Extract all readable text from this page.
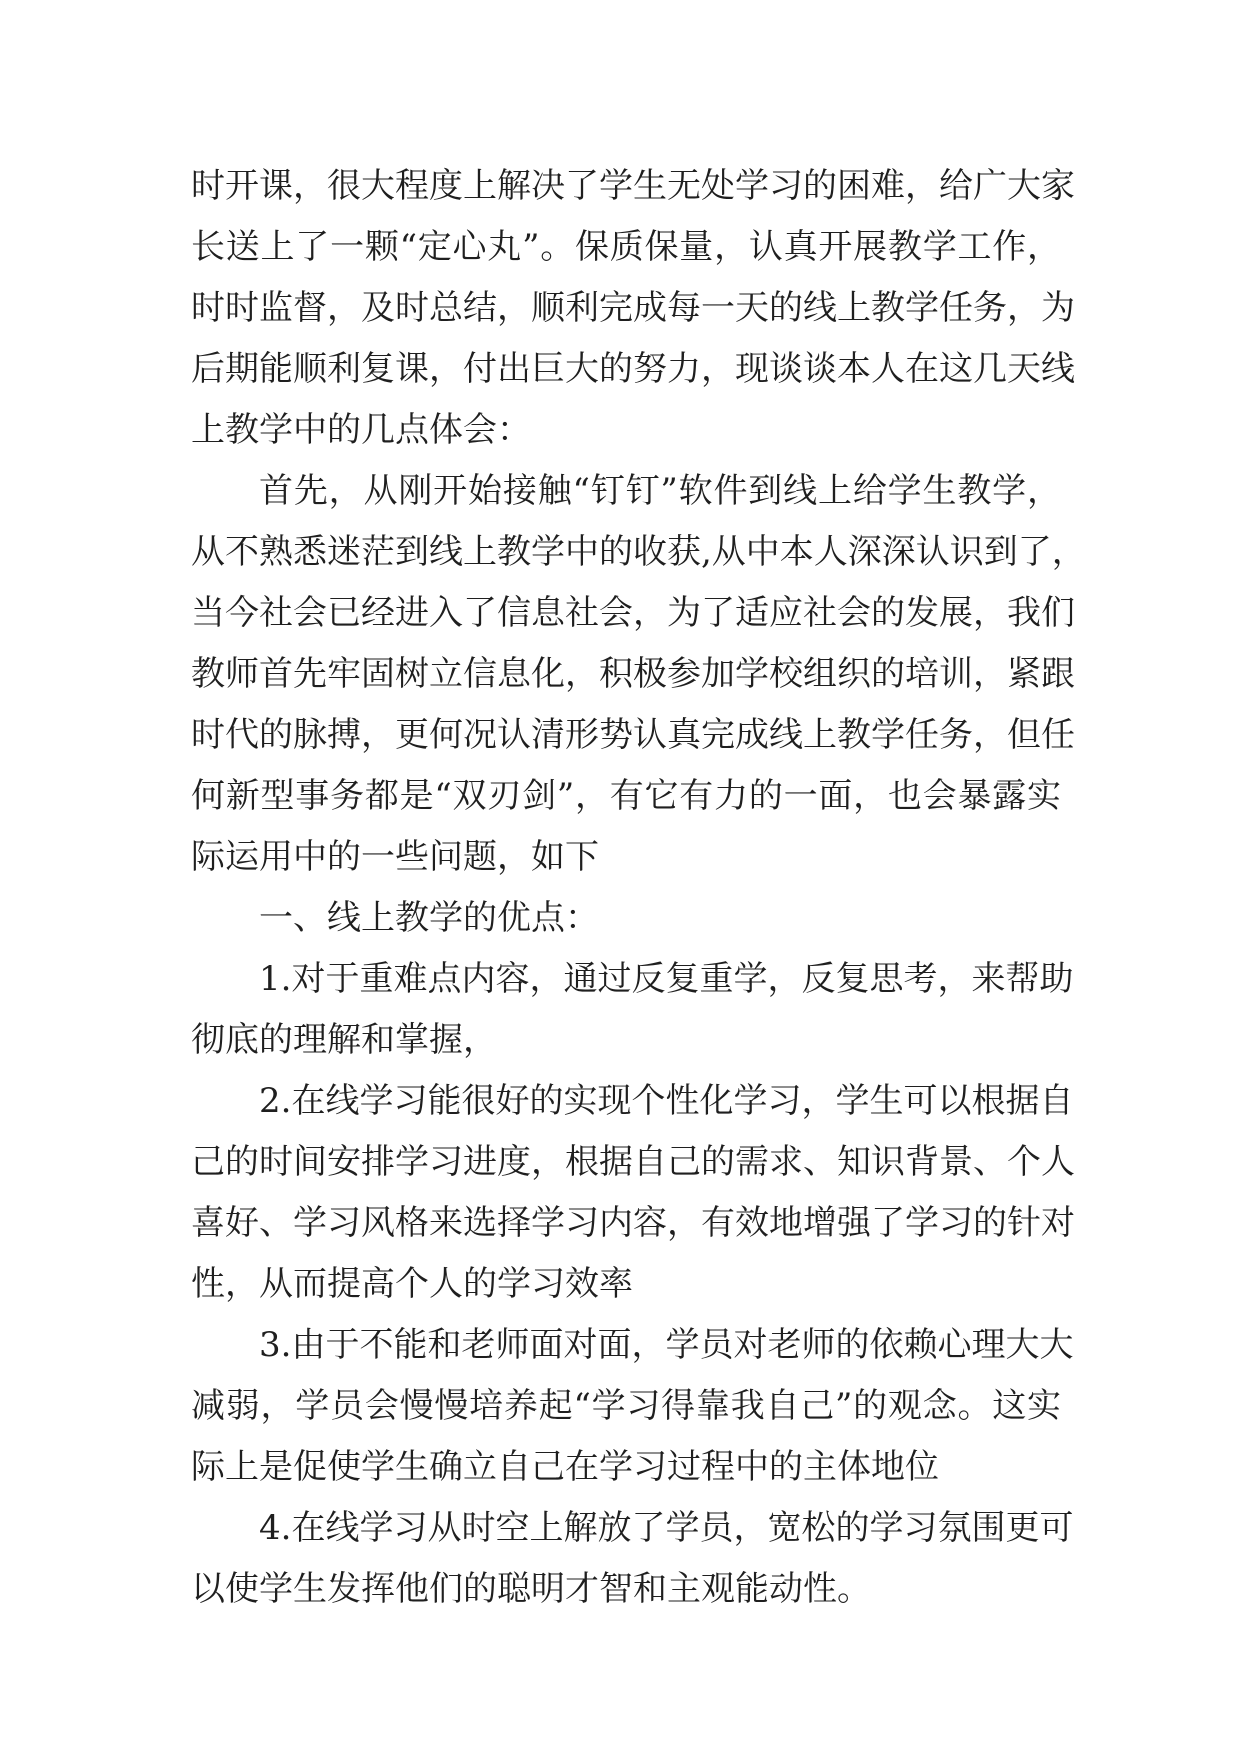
时开课，很大程度上解决了学生无处学习的困难，给广大家
长送上了一颗“定心丸”。保质保量，认真开展教学工作，
时时监督，及时总结，顺利完成每一天的线上教学任务，为
后期能顺利复课，付出巨大的努力，现谈谈本人在这几天线
上教学中的几点体会：
首先，从刚开始接触“钉钉”软件到线上给学生教学，
从不熟悉迷茫到线上教学中的收获,从中本人深深认识到了，
当今社会已经进入了信息社会，为了适应社会的发展，我们
教师首先牢固树立信息化，积极参加学校组织的培训，紧跟
时代的脉搏，更何况认清形势认真完成线上教学任务，但任
何新型事务都是“双刃剑”，有它有力的一面，也会暴露实
际运用中的一些问题，如下
一、线上教学的优点：
1.对于重难点内容，通过反复重学，反复思考，来帮助
彻底的理解和掌握，
2.在线学习能很好的实现个性化学习，学生可以根据自
己的时间安排学习进度，根据自己的需求、知识背景、个人
喜好、学习风格来选择学习内容，有效地增强了学习的针对
性，从而提高个人的学习效率
3.由于不能和老师面对面，学员对老师的依赖心理大大
减弱，学员会慢慢培养起“学习得靠我自己”的观念。这实
际上是促使学生确立自己在学习过程中的主体地位
4.在线学习从时空上解放了学员，宽松的学习氛围更可
以使学生发挥他们的聪明才智和主观能动性。
